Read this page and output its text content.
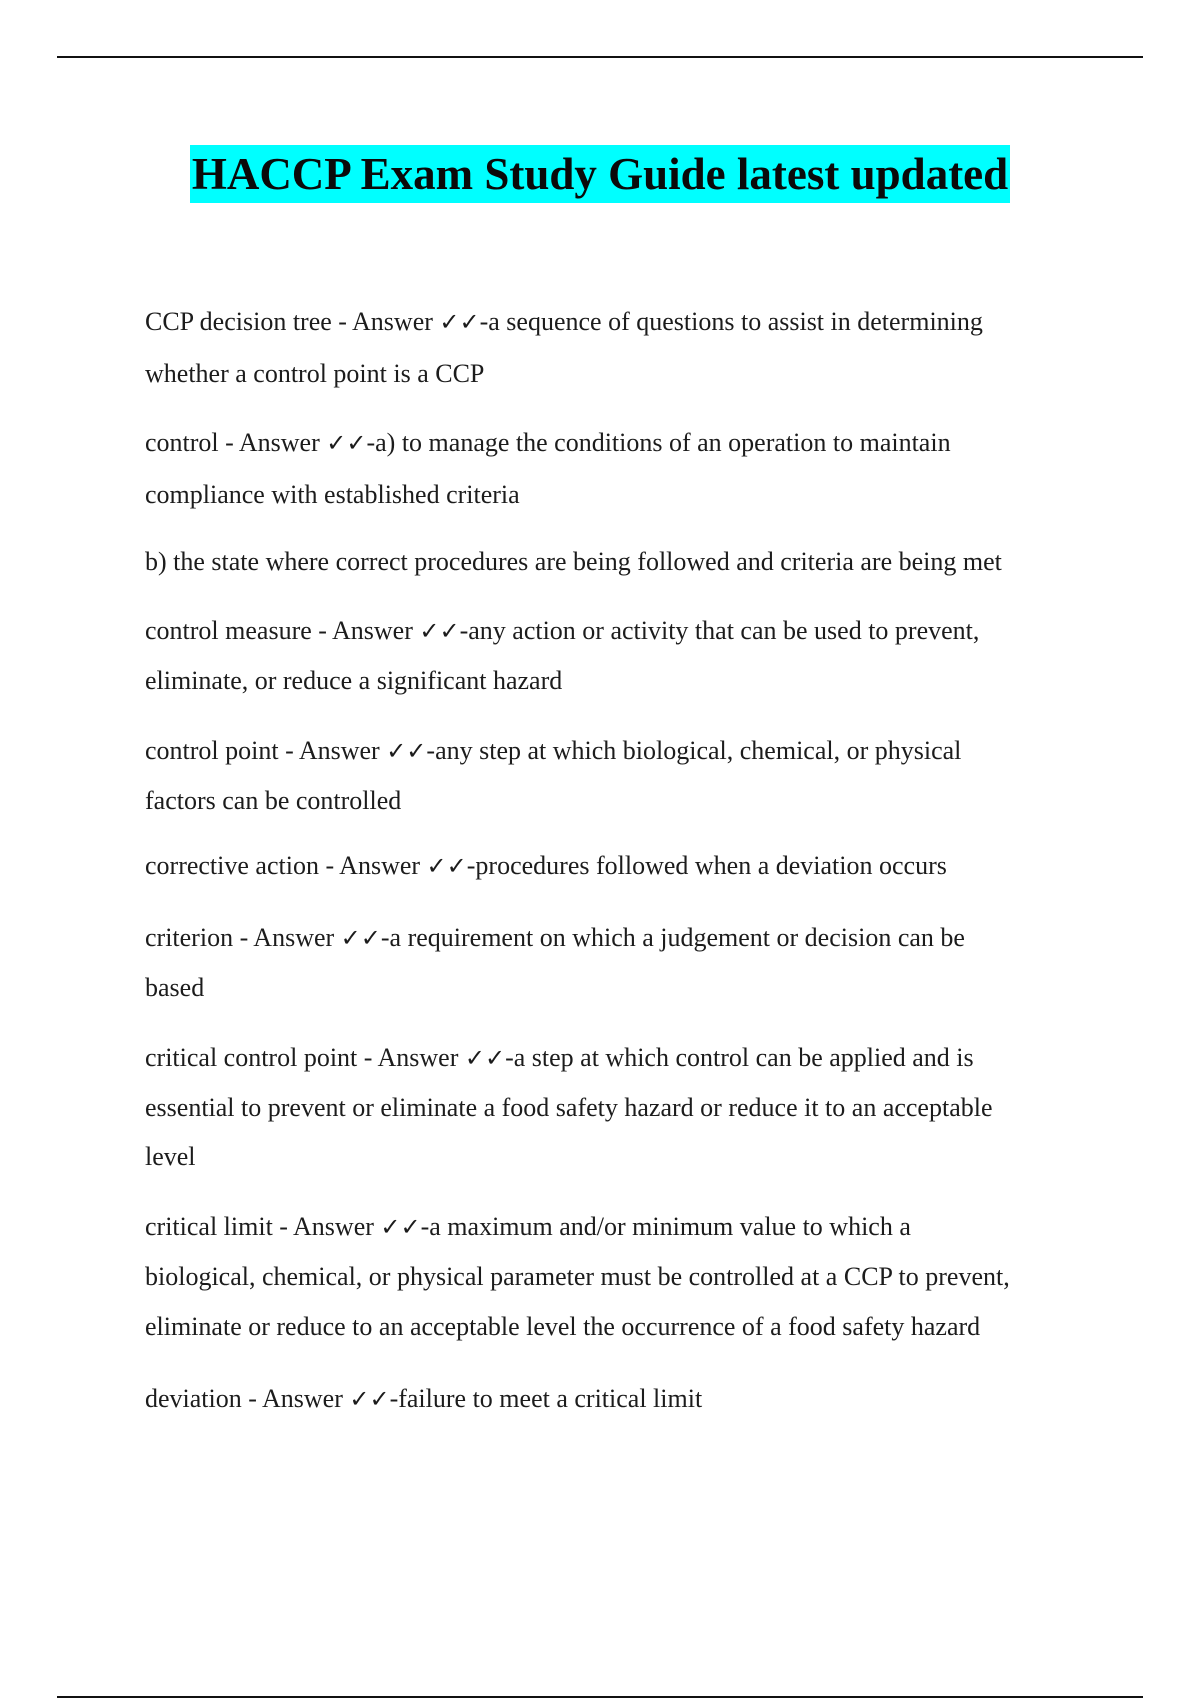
HACCP Exam Study Guide latest updated
CCP decision tree - Answer ✓✓-a sequence of questions to assist in determining
whether a control point is a CCP
control - Answer ✓✓-a) to manage the conditions of an operation to maintain
compliance with established criteria
b) the state where correct procedures are being followed and criteria are being met
control measure - Answer ✓✓-any action or activity that can be used to prevent,
eliminate, or reduce a significant hazard
control point - Answer ✓✓-any step at which biological, chemical, or physical
factors can be controlled
corrective action - Answer ✓✓-procedures followed when a deviation occurs
criterion - Answer ✓✓-a requirement on which a judgement or decision can be
based
critical control point - Answer ✓✓-a step at which control can be applied and is
essential to prevent or eliminate a food safety hazard or reduce it to an acceptable
level
critical limit - Answer ✓✓-a maximum and/or minimum value to which a
biological, chemical, or physical parameter must be controlled at a CCP to prevent,
eliminate or reduce to an acceptable level the occurrence of a food safety hazard
deviation - Answer ✓✓-failure to meet a critical limit
